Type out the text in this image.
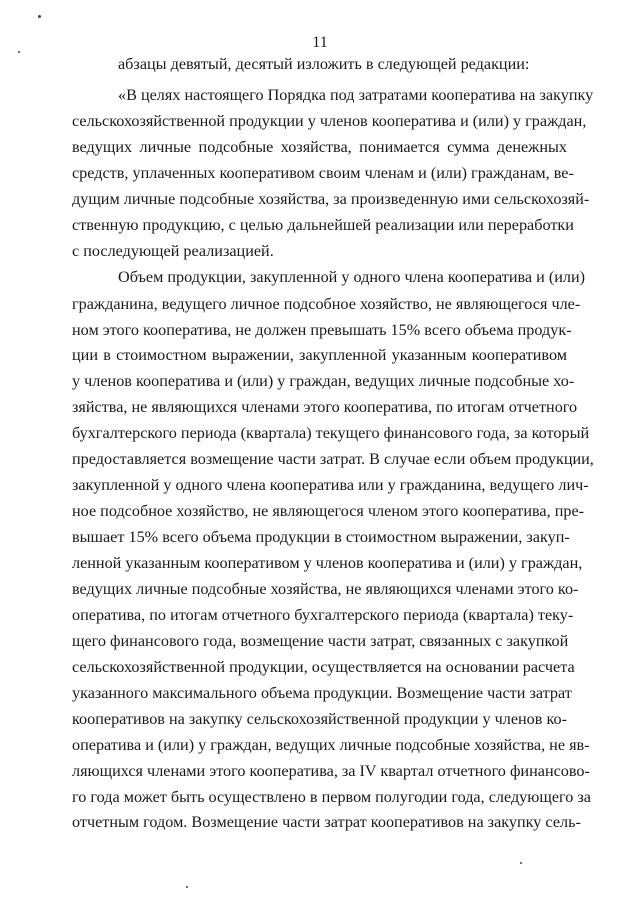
11
абзацы девятый, десятый изложить в следующей редакции:
«В целях настоящего Порядка под затратами кооператива на закупку
сельскохозяйственной продукции у членов кооператива и (или) у граждан,
ведущих личные подсобные хозяйства, понимается сумма денежных
средств, уплаченных кооперативом своим членам и (или) гражданам, ве-
дущим личные подсобные хозяйства, за произведенную ими сельскохозяй-
ственную продукцию, с целью дальнейшей реализации или переработки
с последующей реализацией.
Объем продукции, закупленной у одного члена кооператива и (или)
гражданина, ведущего личное подсобное хозяйство, не являющегося чле-
ном этого кооператива, не должен превышать 15% всего объема продук-
ции в стоимостном выражении, закупленной указанным кооперативом
у членов кооператива и (или) у граждан, ведущих личные подсобные хо-
зяйства, не являющихся членами этого кооператива, по итогам отчетного
бухгалтерского периода (квартала) текущего финансового года, за который
предоставляется возмещение части затрат. В случае если объем продукции,
закупленной у одного члена кооператива или у гражданина, ведущего лич-
ное подсобное хозяйство, не являющегося членом этого кооператива, пре-
вышает 15% всего объема продукции в стоимостном выражении, закуп-
ленной указанным кооперативом у членов кооператива и (или) у граждан,
ведущих личные подсобные хозяйства, не являющихся членами этого ко-
оператива, по итогам отчетного бухгалтерского периода (квартала) теку-
щего финансового года, возмещение части затрат, связанных с закупкой
сельскохозяйственной продукции, осуществляется на основании расчета
указанного максимального объема продукции. Возмещение части затрат
кооперативов на закупку сельскохозяйственной продукции у членов ко-
оператива и (или) у граждан, ведущих личные подсобные хозяйства, не яв-
ляющихся членами этого кооператива, за IV квартал отчетного финансово-
го года может быть осуществлено в первом полугодии года, следующего за
отчетным годом. Возмещение части затрат кооперативов на закупку сель-
